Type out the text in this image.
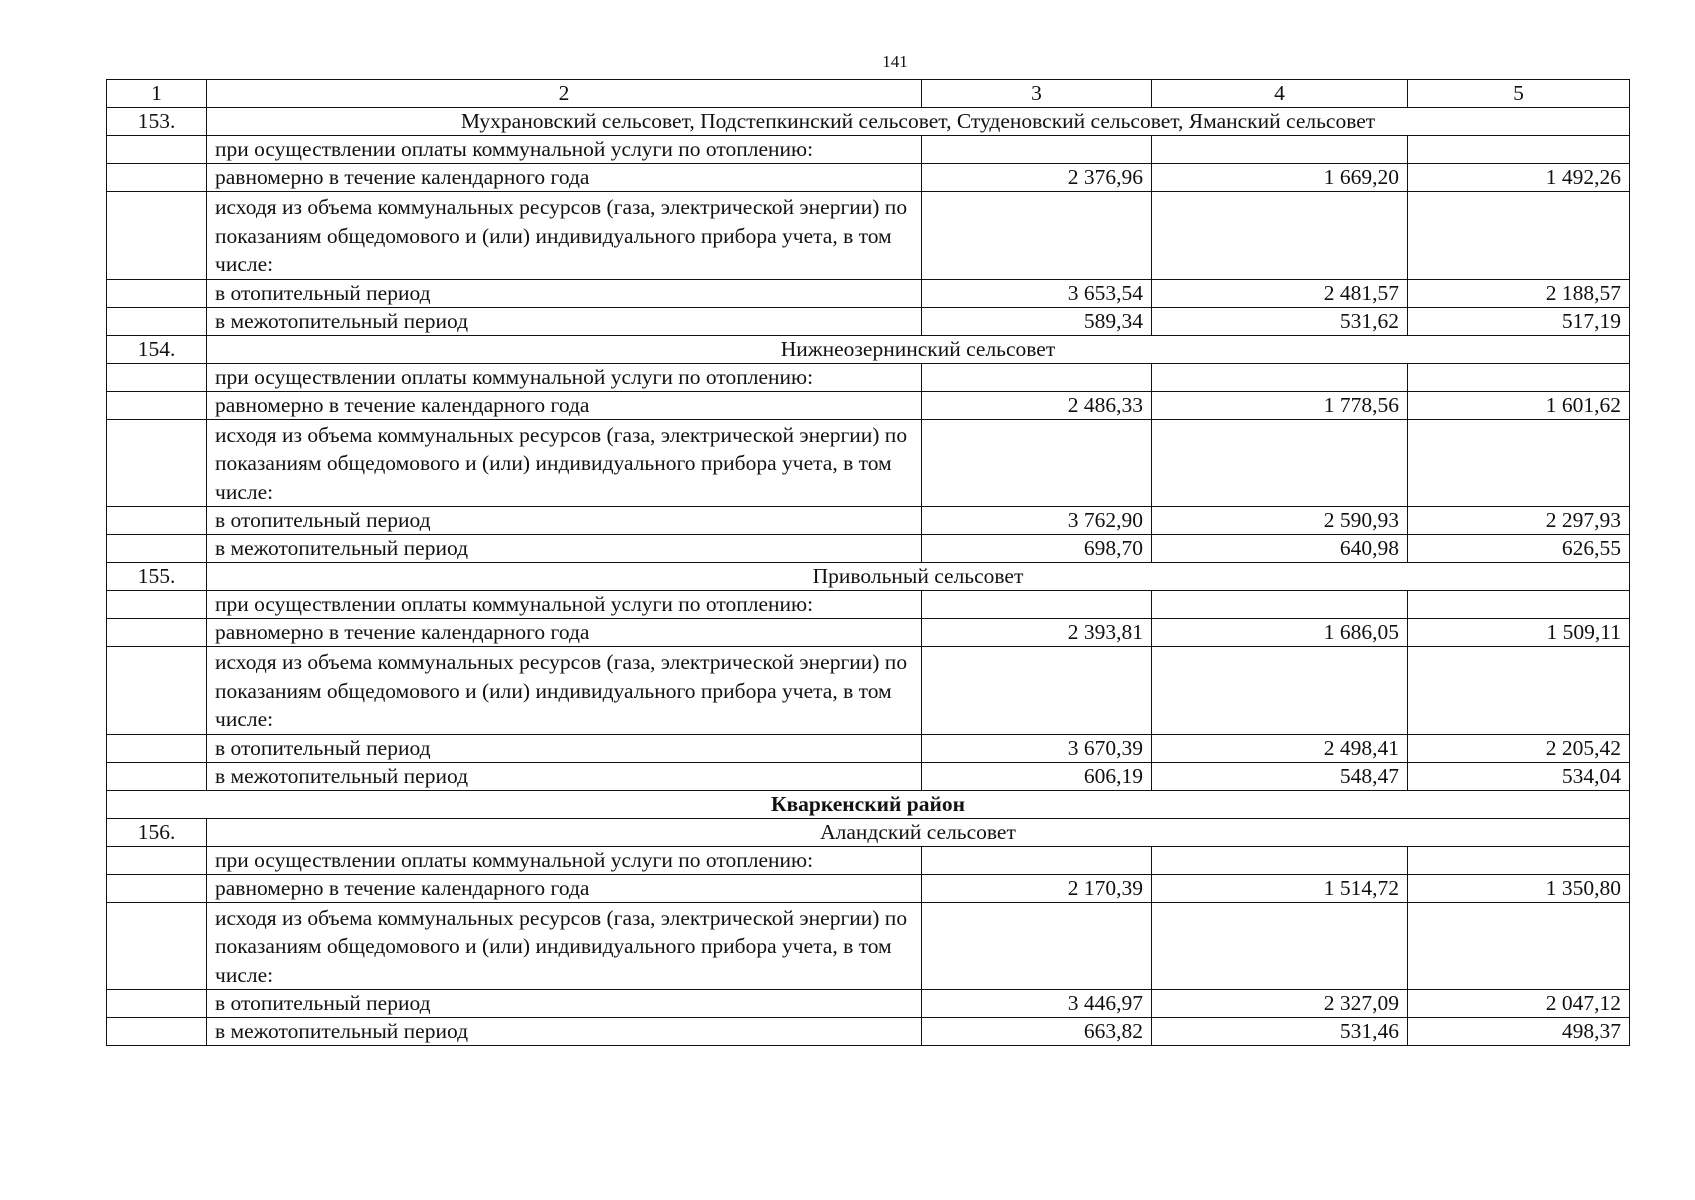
141
1	2	3	4	5
153.	Мухрановский сельсовет, Подстепкинский сельсовет, Студеновский сельсовет, Яманский сельсовет			
	при осуществлении оплаты коммунальной услуги по отоплению:			
	равномерно в течение календарного года	2 376,96	1 669,20	1 492,26
	исходя из объема коммунальных ресурсов (газа, электрической энергии) по показаниям общедомового и (или) индивидуального прибора учета, в том числе:			
	в отопительный период	3 653,54	2 481,57	2 188,57
	в межотопительный период	589,34	531,62	517,19
154.	Нижнеозернинский сельсовет			
	при осуществлении оплаты коммунальной услуги по отоплению:			
	равномерно в течение календарного года	2 486,33	1 778,56	1 601,62
	исходя из объема коммунальных ресурсов (газа, электрической энергии) по показаниям общедомового и (или) индивидуального прибора учета, в том числе:			
	в отопительный период	3 762,90	2 590,93	2 297,93
	в межотопительный период	698,70	640,98	626,55
155.	Привольный сельсовет			
	при осуществлении оплаты коммунальной услуги по отоплению:			
	равномерно в течение календарного года	2 393,81	1 686,05	1 509,11
	исходя из объема коммунальных ресурсов (газа, электрической энергии) по показаниям общедомового и (или) индивидуального прибора учета, в том числе:			
	в отопительный период	3 670,39	2 498,41	2 205,42
	в межотопительный период	606,19	548,47	534,04
Кваркенский район				
156.	Аландский сельсовет			
	при осуществлении оплаты коммунальной услуги по отоплению:			
	равномерно в течение календарного года	2 170,39	1 514,72	1 350,80
	исходя из объема коммунальных ресурсов (газа, электрической энергии) по показаниям общедомового и (или) индивидуального прибора учета, в том числе:			
	в отопительный период	3 446,97	2 327,09	2 047,12
	в межотопительный период	663,82	531,46	498,37
